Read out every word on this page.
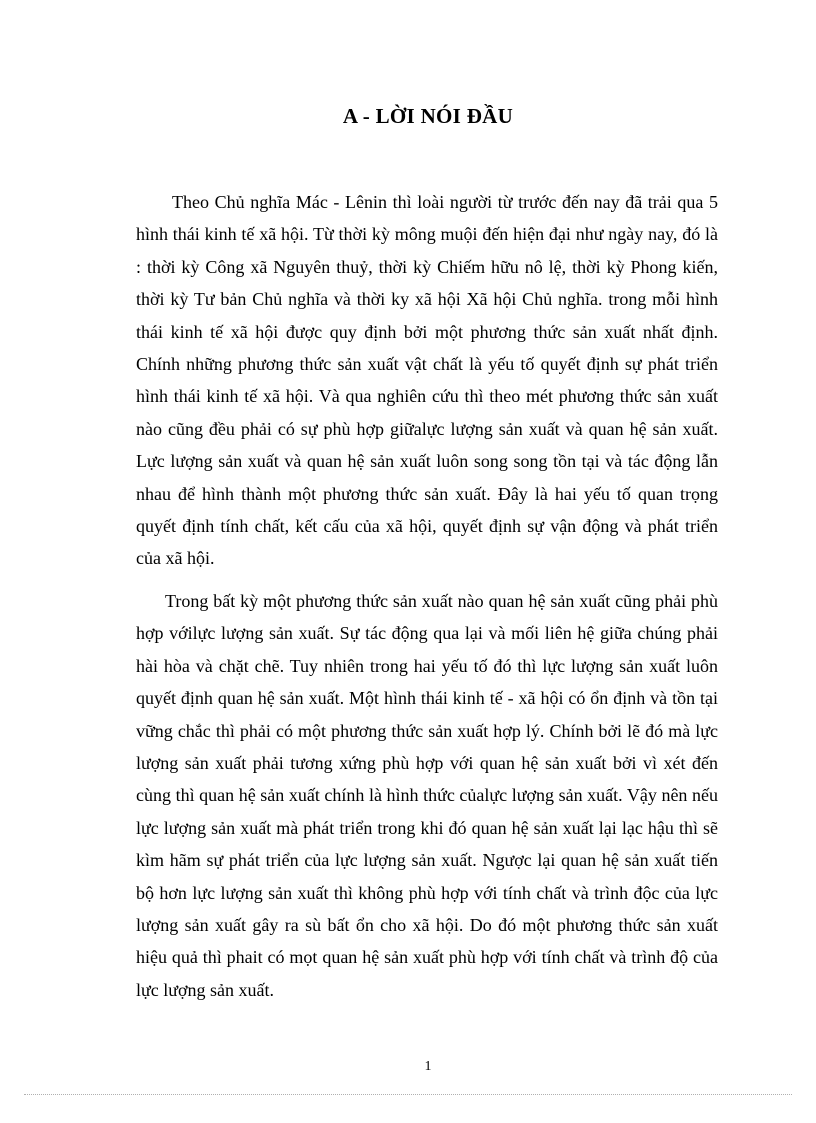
A - LỜI NÓI ĐẦU

Theo Chủ nghĩa Mác - Lênin thì loài người từ trước đến nay đã trải qua 5 hình thái kinh tế xã hội. Từ thời kỳ mông muội đến hiện đại như ngày nay, đó là : thời kỳ Công xã Nguyên thuỷ, thời kỳ Chiếm hữu nô lệ, thời kỳ Phong kiến, thời kỳ Tư bản Chủ nghĩa và thời ky xã hội Xã hội Chủ nghĩa. trong mỗi hình thái kinh tế xã hội được quy định bởi một phương thức sản xuất nhất định. Chính những phương thức sản xuất vật chất là yếu tố quyết định sự phát triển hình thái kinh tế xã hội. Và qua nghiên cứu thì theo mét phương thức sản xuất nào cũng đều phải có sự phù hợp giữalực lượng sản xuất và quan hệ sản xuất. Lực lượng sản xuất và quan hệ sản xuất luôn song song tồn tại và tác động lẫn nhau để hình thành một phương thức sản xuất. Đây là hai yếu tố quan trọng quyết định tính chất, kết cấu của xã hội, quyết định sự vận động và phát triển của xã hội.

Trong bất kỳ một phương thức sản xuất nào quan hệ sản xuất cũng phải phù hợp vớilực lượng sản xuất. Sự tác động qua lại và mối liên hệ giữa chúng phải hài hòa và chặt chẽ. Tuy nhiên trong hai yếu tố đó thì lực lượng sản xuất luôn quyết định quan hệ sản xuất. Một hình thái kinh tế - xã hội có ổn định và tồn tại vững chắc thì phải có một phương thức sản xuất hợp lý. Chính bởi lẽ đó mà lực lượng sản xuất phải tương xứng phù hợp với quan hệ sản xuất bởi vì xét đến cùng thì quan hệ sản xuất chính là hình thức củalực lượng sản xuất. Vậy nên nếu lực lượng sản xuất mà phát triển trong khi đó quan hệ sản xuất lại lạc hậu thì sẽ kìm hãm sự phát triển của lực lượng sản xuất. Ngược lại quan hệ sản xuất tiến bộ hơn lực lượng sản xuất thì không phù hợp với tính chất và trình độc của lực lượng sản xuất gây ra sù bất ổn cho xã hội. Do đó một phương thức sản xuất hiệu quả thì phait có mọt quan hệ sản xuất phù hợp với tính chất và trình độ của lực lượng sản xuất.

1
